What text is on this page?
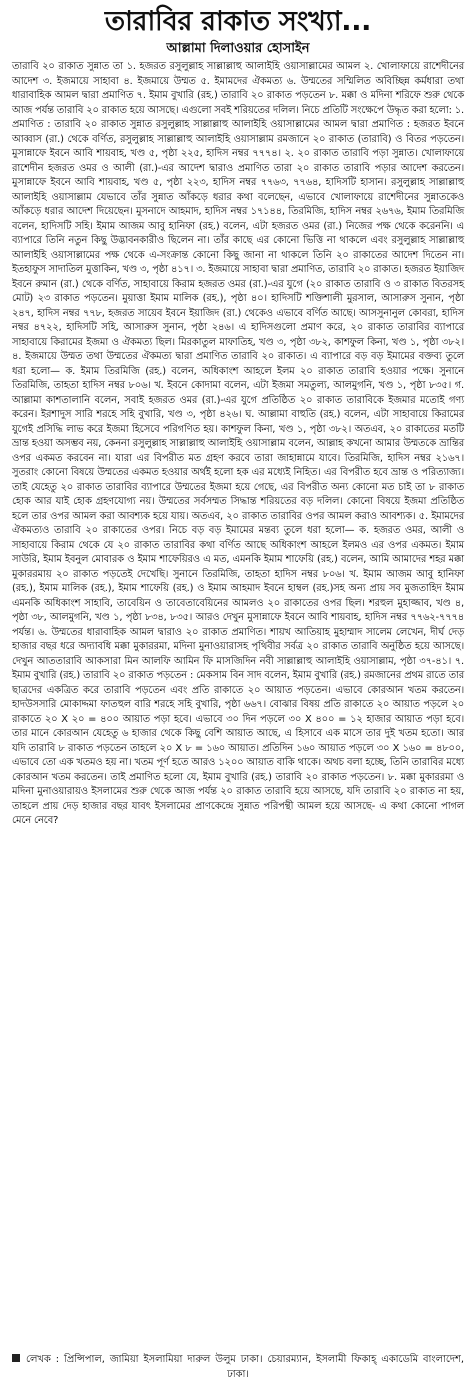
তারাবির রাকাত সংখ্যা...
আল্লামা দিলাওয়ার হোসাইন

তারাবি ২০ রাকাত সুন্নাত তা ১. হজরত রসুলুল্লাহ সাল্লাল্লাহু আলাইহি ওয়াসাল্লামের আমল ২. খোলাফায়ে রাশেদীনের আদেশ ৩. ইজমায়ে সাহাবা ৪. ইজমায়ে উম্মত ৫. ইমামদের ঐকমত্য ৬. উম্মতের সম্মিলিত অবিচ্ছিন্ন কর্মধারা তথা ধারাবাহিক আমল দ্বারা প্রমাণিত ৭. ইমাম বুখারি (রহ.) তারাবি ২০ রাকাত পড়তেন ৮. মক্কা ও মদিনা শরিফে শুরু থেকে আজ পর্যন্ত তারাবি ২০ রাকাত হয়ে আসছে। এগুলো সবই শরিয়তের দলিল। নিচে প্রতিটি সংক্ষেপে উদ্ধৃত করা হলো: ১. প্রমাণিত : তারাবি ২০ রাকাত সুন্নাত রসুলুল্লাহ সাল্লাল্লাহু আলাইহি ওয়াসাল্লামের আমল দ্বারা প্রমাণিত : হজরত ইবনে আব্বাস (রা.) থেকে বর্ণিত, রসুলুল্লাহ সাল্লাল্লাহু আলাইহি ওয়াসাল্লাম রমজানে ২০ রাকাত (তারাবি) ও বিতর পড়তেন। মুসান্নাফে ইবনে আবি শায়বাহ, খণ্ড ৫, পৃষ্ঠা ২২৫, হাদিস নম্বর ৭৭৭৪। ২. ২০ রাকাত তারাবি পড়া সুন্নাত। খোলাফায়ে রাশেদীন হজরত ওমর ও আলী (রা.)-এর আদেশ দ্বারাও প্রমাণিত তারা ২০ রাকাত তারাবি পড়ার আদেশ করতেন। মুসান্নাফে ইবনে আবি শায়বাহ, খণ্ড ৫, পৃষ্ঠা ২২৩, হাদিস নম্বর ৭৭৬৩, ৭৭৬৪, হাদিসটি হাসান। রসুলুল্লাহ সাল্লাল্লাহু আলাইহি ওয়াসাল্লাম যেভাবে তাঁর সুন্নাত আঁকড়ে ধরার কথা বলেছেন, এভাবে খোলাফায়ে রাশেদীনের সুন্নাতকেও আঁকড়ে ধরার আদেশ দিয়েছেন। মুসনাদে আহমাদ, হাদিস নম্বর ১৭১৪৪, তিরমিজি, হাদিস নম্বর ২৬৭৬, ইমাম তিরমিজি বলেন, হাদিসটি সহি। ইমাম আজম আবু হানিফা (রহ.) বলেন, এটা হজরত ওমর (রা.) নিজের পক্ষ থেকে করেননি। এ ব্যাপারে তিনি নতুন কিছু উদ্ভাবনকারীও ছিলেন না। তাঁর কাছে এর কোনো ভিত্তি না থাকলে এবং রসুলুল্লাহ সাল্লাল্লাহু আলাইহি ওয়াসাল্লামের পক্ষ থেকে এ-সংক্রান্ত কোনো কিছু জানা না থাকলে তিনি ২০ রাকাতের আদেশ দিতেন না। ইতহাফুস সাদাতিল মুত্তাকিন, খণ্ড ৩, পৃষ্ঠা ৪১৭। ৩. ইজমায়ে সাহাবা দ্বারা প্রমাণিত, তারাবি ২০ রাকাত। হজরত ইয়াজিদ ইবনে রুমান (রা.) থেকে বর্ণিত, সাহাবায়ে কিরাম হজরত ওমর (রা.)-এর যুগে (২০ রাকাত তারাবি ও ৩ রাকাত বিতরসহ মোট) ২৩ রাকাত পড়তেন। মুয়াত্তা ইমাম মালিক (রহ.), পৃষ্ঠা ৪০। হাদিসটি শক্তিশালী মুরসাল, আসারুস সুনান, পৃষ্ঠা ২৪৭, হাদিস নম্বর ৭৭৮, হজরত সায়েব ইবনে ইয়াজিদ (রা.) থেকেও এভাবে বর্ণিত আছে। আসসুনানুল কোবরা, হাদিস নম্বর ৪৭২২, হাদিসটি সহি, আসারুস সুনান, পৃষ্ঠা ২৪৬। এ হাদিসগুলো প্রমাণ করে, ২০ রাকাত তারাবির ব্যাপারে সাহাবায়ে কিরামের ইজমা ও ঐকমত্য ছিল। মিরকাতুল মাফাতিহ, খণ্ড ৩, পৃষ্ঠা ৩৮২, কাশফুল কিনা, খণ্ড ১, পৃষ্ঠা ৩৮২। ৪. ইজমায়ে উম্মত তথা উম্মতের ঐকমত্য দ্বারা প্রমাণিত তারাবি ২০ রাকাত। এ ব্যাপারে বড় বড় ইমামের বক্তব্য তুলে ধরা হলো— ক. ইমাম তিরমিজি (রহ.) বলেন, অধিকাংশ আহলে ইলম ২০ রাকাত তারাবি হওয়ার পক্ষে। সুনানে তিরমিজি, তাহতা হাদিস নম্বর ৮০৬। খ. ইবনে কোদামা বলেন, এটা ইজমা সমতুল্য, আলমুগনি, খণ্ড ১, পৃষ্ঠা ৮৩৫। গ. আল্লামা কাশতালানি বলেন, সবাই হজরত ওমর (রা.)-এর যুগে প্রতিষ্ঠিত ২০ রাকাত তারাবিকে ইজমার মতোই গণ্য করেন। ইরশাদুস সারি শরহে সহি বুখারি, খণ্ড ৩, পৃষ্ঠা ৪২৬। ঘ. আল্লামা বাহুতি (রহ.) বলেন, এটা সাহাবায়ে কিরামের যুগেই প্রসিদ্ধি লাভ করে ইজমা হিসেবে পরিগণিত হয়। কাশফুল কিনা, খণ্ড ১, পৃষ্ঠা ৩৮২। অতএব, ২০ রাকাতের মতটি ভ্রান্ত হওয়া অসম্ভব নয়, কেননা রসুলুল্লাহ সাল্লাল্লাহু আলাইহি ওয়াসাল্লাম বলেন, আল্লাহ কখনো আমার উম্মতকে ভ্রান্তির ওপর একমত করবেন না। যারা এর বিপরীত মত গ্রহণ করবে তারা জাহান্নামে যাবে। তিরমিজি, হাদিস নম্বর ২১৬৭। সুতরাং কোনো বিষয়ে উম্মতের একমত হওয়ার অর্থই হলো হক এর মধ্যেই নিহিত। এর বিপরীত হবে ভ্রান্ত ও পরিত্যাজ্য। তাই যেহেতু ২০ রাকাত তারাবির ব্যাপারে উম্মতের ইজমা হয়ে গেছে, এর বিপরীত অন্য কোনো মত চাই তা ৮ রাকাত হোক আর যাই হোক গ্রহণযোগ্য নয়। উম্মতের সর্বসম্মত সিদ্ধান্ত শরিয়তের বড় দলিল। কোনো বিষয়ে ইজমা প্রতিষ্ঠিত হলে তার ওপর আমল করা আবশ্যক হয়ে যায়। অতএব, ২০ রাকাত তারাবির ওপর আমল করাও আবশ্যক। ৫. ইমামদের ঐকমত্যও তারাবি ২০ রাকাতের ওপর। নিচে বড় বড় ইমামের মন্তব্য তুলে ধরা হলো— ক. হজরত ওমর, আলী ও সাহাবায়ে কিরাম থেকে যে ২০ রাকাত তারাবির কথা বর্ণিত আছে অধিকাংশ আহলে ইলমও এর ওপর একমত। ইমাম সাউরি, ইমাম ইবনুল মোবারক ও ইমাম শাফেয়িরও এ মত, এমনকি ইমাম শাফেয়ি (রহ.) বলেন, আমি আমাদের শহর মক্কা মুকাররমায় ২০ রাকাত পড়তেই দেখেছি। সুনানে তিরমিজি, তাহতা হাদিস নম্বর ৮০৬। খ. ইমাম আজম আবু হানিফা (রহ.), ইমাম মালিক (রহ.), ইমাম শাফেয়ি (রহ.) ও ইমাম আহমাদ ইবনে হাম্বল (রহ.)সহ অন্য প্রায় সব মুজতাহিদ ইমাম এমনকি অধিকাংশ সাহাবি, তাবেয়িন ও তাবেতাবেয়িনের আমলও ২০ রাকাতের ওপর ছিল। শরহুল মুহাজ্জাব, খণ্ড ৪, পৃষ্ঠা ৩৮, আলমুগনি, খণ্ড ১, পৃষ্ঠা ৮৩৪, ৮৩৫। আরও দেখুন মুসান্নাফে ইবনে আবি শায়বাহ, হাদিস নম্বর ৭৭৬২-৭৭৭৪ পর্যন্ত। ৬. উম্মতের ধারাবাহিক আমল দ্বারাও ২০ রাকাত প্রমাণিত। শায়খ আতিয়াহ মুহাম্মাদ সালেম লেখেন, দীর্ঘ দেড় হাজার বছর ধরে অদ্যাবধি মক্কা মুকাররমা, মদিনা মুনাওয়ারাসহ পৃথিবীর সর্বত্র ২০ রাকাত তারাবি অনুষ্ঠিত হয়ে আসছে। দেখুন আততারাবি আকসারা মিন আলফি আমিন ফি মাসজিদিন নবী সাল্লাল্লাহু আলাইহি ওয়াসাল্লাম, পৃষ্ঠা ৩৭-৪১। ৭. ইমাম বুখারি (রহ.) তারাবি ২০ রাকাত পড়তেন : মেকসাম বিন সাদ বলেন, ইমাম বুখারি (রহ.) রমজানের প্রথম রাতে তার ছাত্রদের একত্রিত করে তারাবি পড়তেন এবং প্রতি রাকাতে ২০ আয়াত পড়তেন। এভাবে কোরআন খতম করতেন। হাদউসসারি মোকাদ্দমা ফাতহুল বারি শরহে সহি বুখারি, পৃষ্ঠা ৬৬৭। বোঝার বিষয় প্রতি রাকাতে ২০ আয়াত পড়লে ২০ রাকাতে ২০ X ২০ = ৪০০ আয়াত পড়া হবে। এভাবে ৩০ দিন পড়লে ৩০ X ৪০০ = ১২ হাজার আয়াত পড়া হবে। তার মানে কোরআন যেহেতু ৬ হাজার থেকে কিছু বেশি আয়াত আছে, এ হিসাবে এক মাসে তার দুই খতম হতো। আর যদি তারাবি ৮ রাকাত পড়তেন তাহলে ২০ X ৮ = ১৬০ আয়াত। প্রতিদিন ১৬০ আয়াত পড়লে ৩০ X ১৬০ = ৪৮০০, এভাবে তো এক খতমও হয় না। খতম পূর্ণ হতে আরও ১২০০ আয়াত বাকি থাকে। অথচ বলা হচ্ছে, তিনি তারাবির মধ্যে কোরআন খতম করতেন। তাই প্রমাণিত হলো যে, ইমাম বুখারি (রহ.) তারাবি ২০ রাকাত পড়তেন। ৮. মক্কা মুকাররমা ও মদিনা মুনাওয়ারায়ও ইসলামের শুরু থেকে আজ পর্যন্ত ২০ রাকাত তারাবি হয়ে আসছে, যদি তারাবি ২০ রাকাত না হয়, তাহলে প্রায় দেড় হাজার বছর যাবৎ ইসলামের প্রাণকেন্দ্রে সুন্নাত পরিপন্থী আমল হয়ে আসছে- এ কথা কোনো পাগল মেনে নেবে?

লেখক : প্রিন্সিপাল, জামিয়া ইসলামিয়া দারুল উলুম ঢাকা। চেয়ারম্যান, ইসলামী ফিকাহ্ একাডেমি বাংলাদেশ, ঢাকা।
